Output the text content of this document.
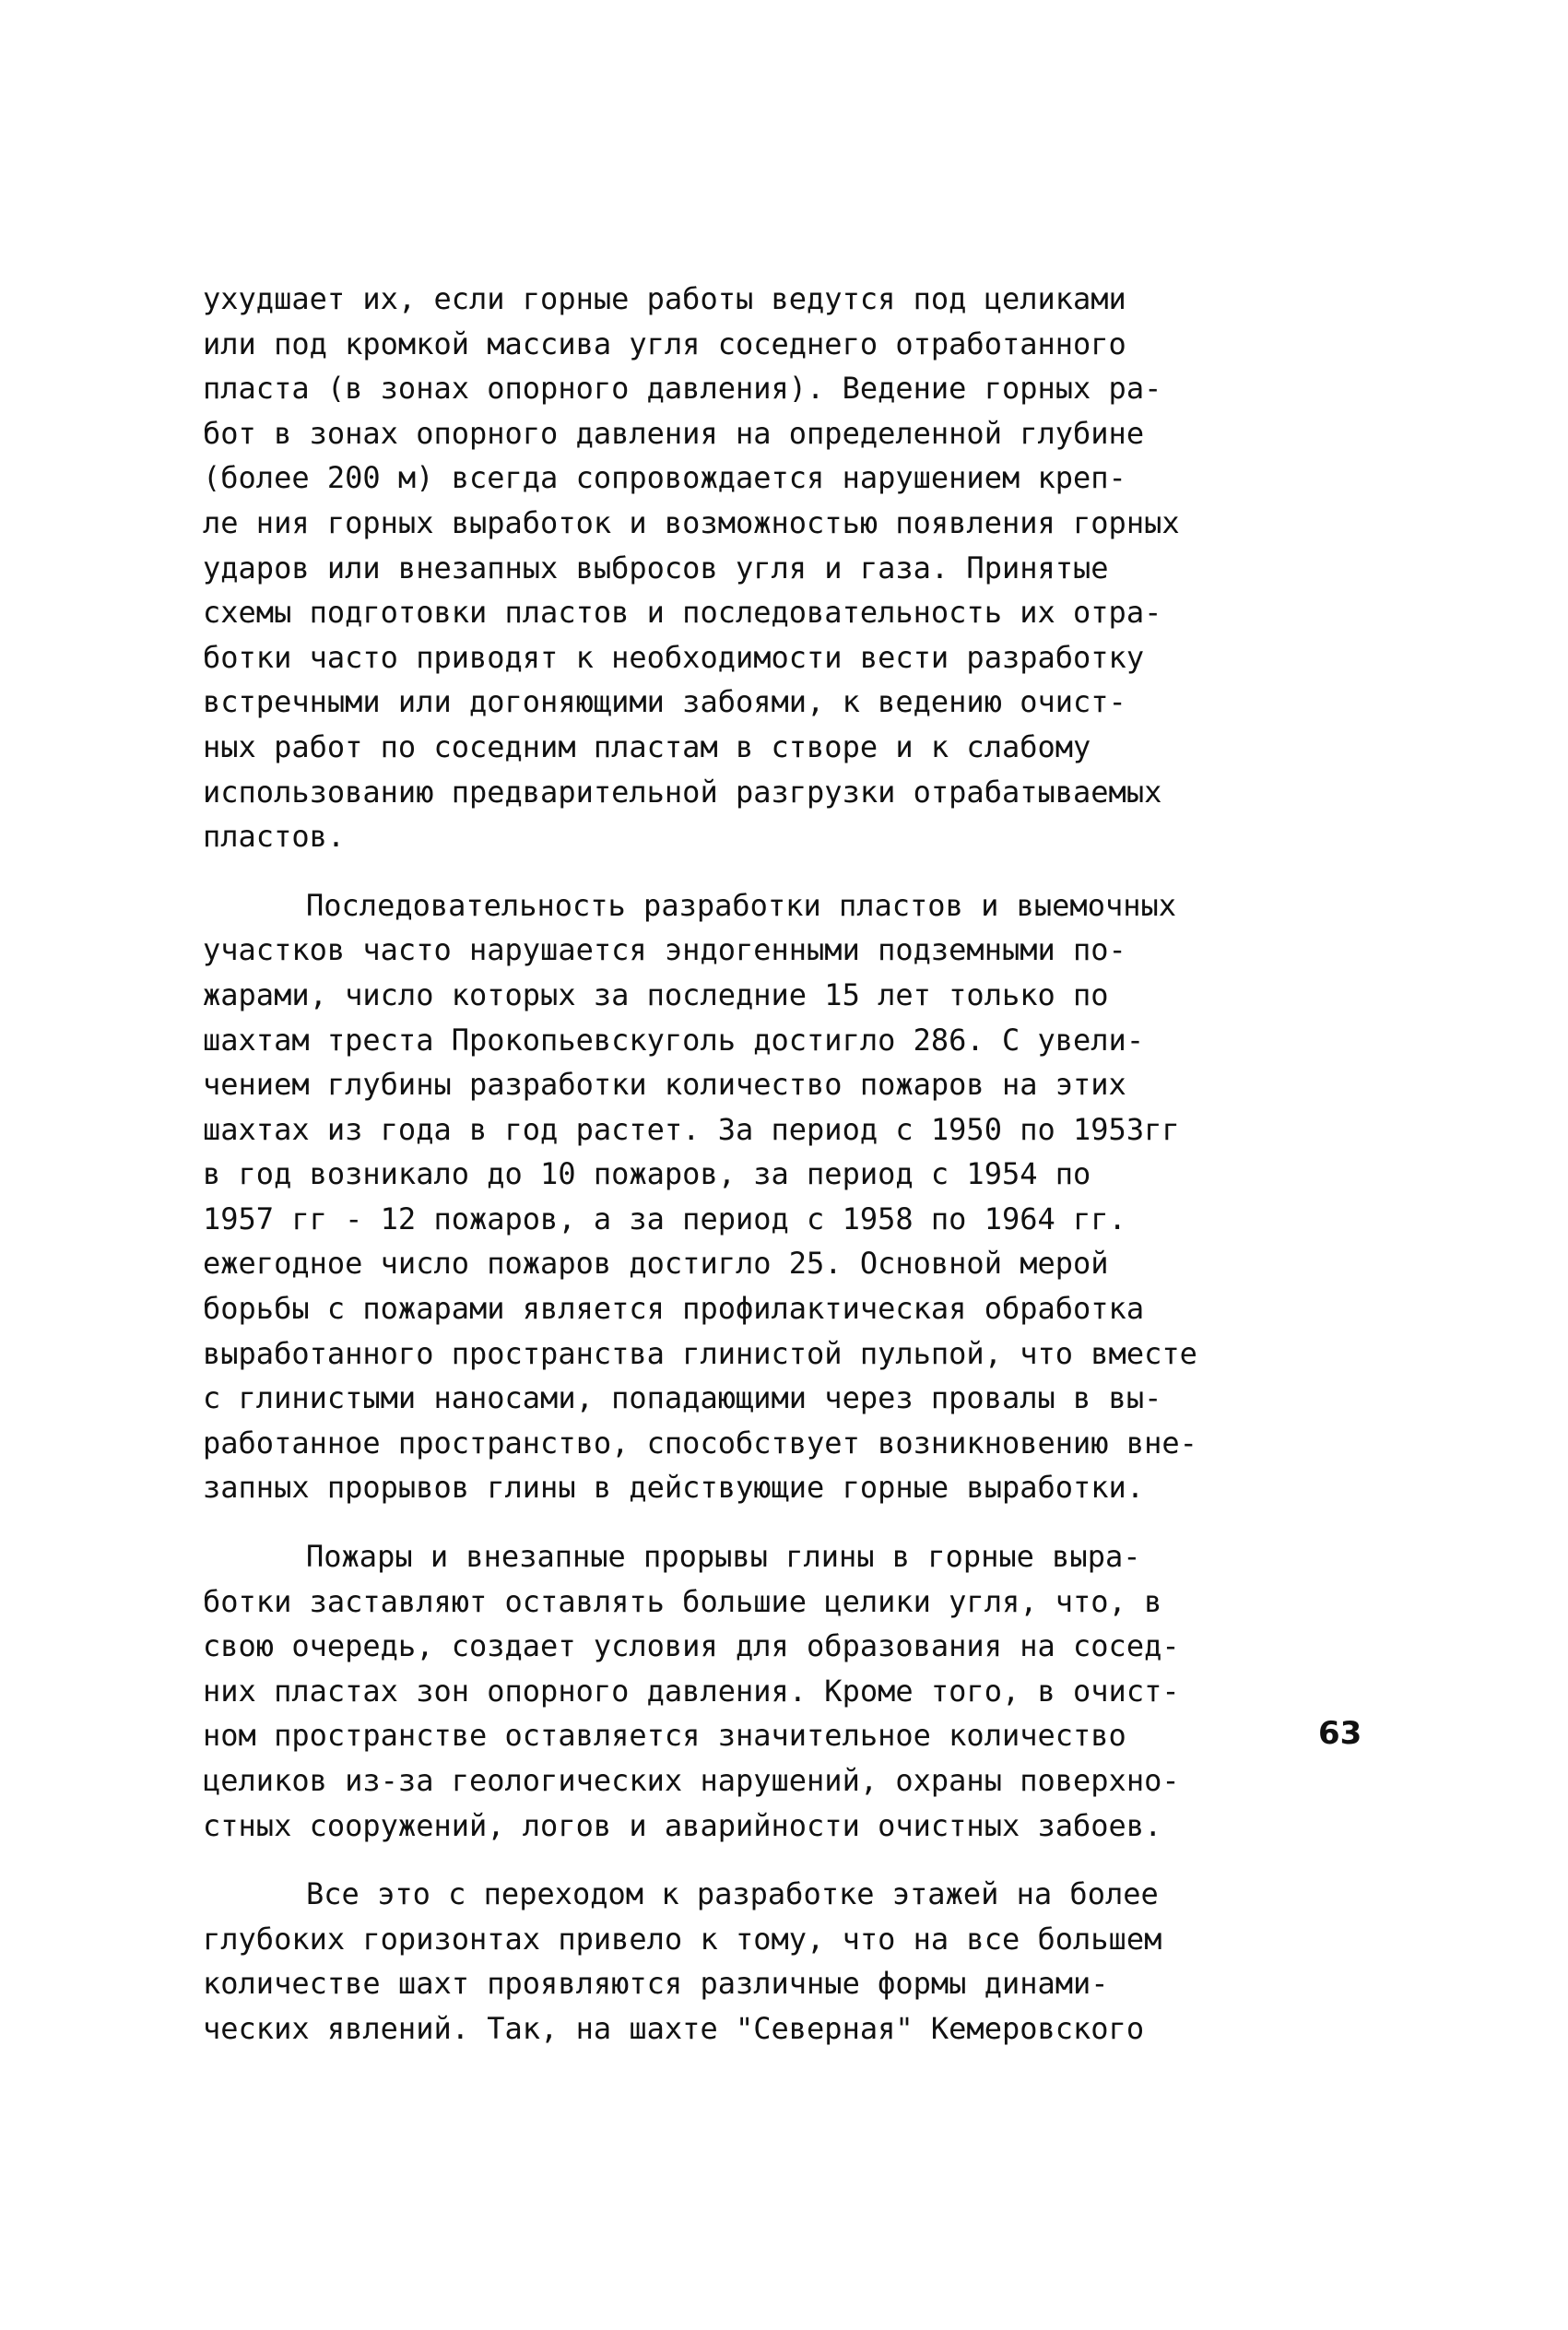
ухудшает их, если горные работы ведутся под целиками
или под кромкой массива угля соседнего отработанного
пласта (в зонах опорного давления). Ведение горных ра-
бот в зонах опорного давления на определенной глубине
(более 200 м) всегда сопровождается нарушением креп-
ле ния горных выработок и возможностью появления горных
ударов или внезапных выбросов угля и газа. Принятые
схемы подготовки пластов и последовательность их отра-
ботки часто приводят к необходимости вести разработку
встречными или догоняющими забоями, к ведению очист-
ных работ по соседним пластам в створе и к слабому
использованию предварительной разгрузки отрабатываемых
пластов.
Последовательность разработки пластов и выемочных
участков часто нарушается эндогенными подземными по-
жарами, число которых за последние 15 лет только по
шахтам треста Прокопьевскуголь достигло 286. С увели-
чением глубины разработки количество пожаров на этих
шахтах из года в год растет. За период с 1950 по 1953гг
в год возникало до 10 пожаров, за период с 1954 по
1957 гг - 12 пожаров, а за период с 1958 по 1964 гг.
ежегодное число пожаров достигло 25. Основной мерой
борьбы с пожарами является профилактическая обработка
выработанного пространства глинистой пульпой, что вместе
с глинистыми наносами, попадающими через провалы в вы-
работанное пространство, способствует возникновению вне-
запных прорывов глины в действующие горные выработки.
Пожары и внезапные прорывы глины в горные выра-
ботки заставляют оставлять большие целики угля, что, в
свою очередь, создает условия для образования на сосед-
них пластах зон опорного давления. Кроме того, в очист-
ном пространстве оставляется значительное количество
целиков из-за геологических нарушений, охраны поверхно-
стных сооружений, логов и аварийности очистных забоев.
Все это с переходом к разработке этажей на более
глубоких горизонтах привело к тому, что на все большем
количестве шахт проявляются различные формы динами-
ческих явлений. Так, на шахте "Северная" Кемеровского
63
